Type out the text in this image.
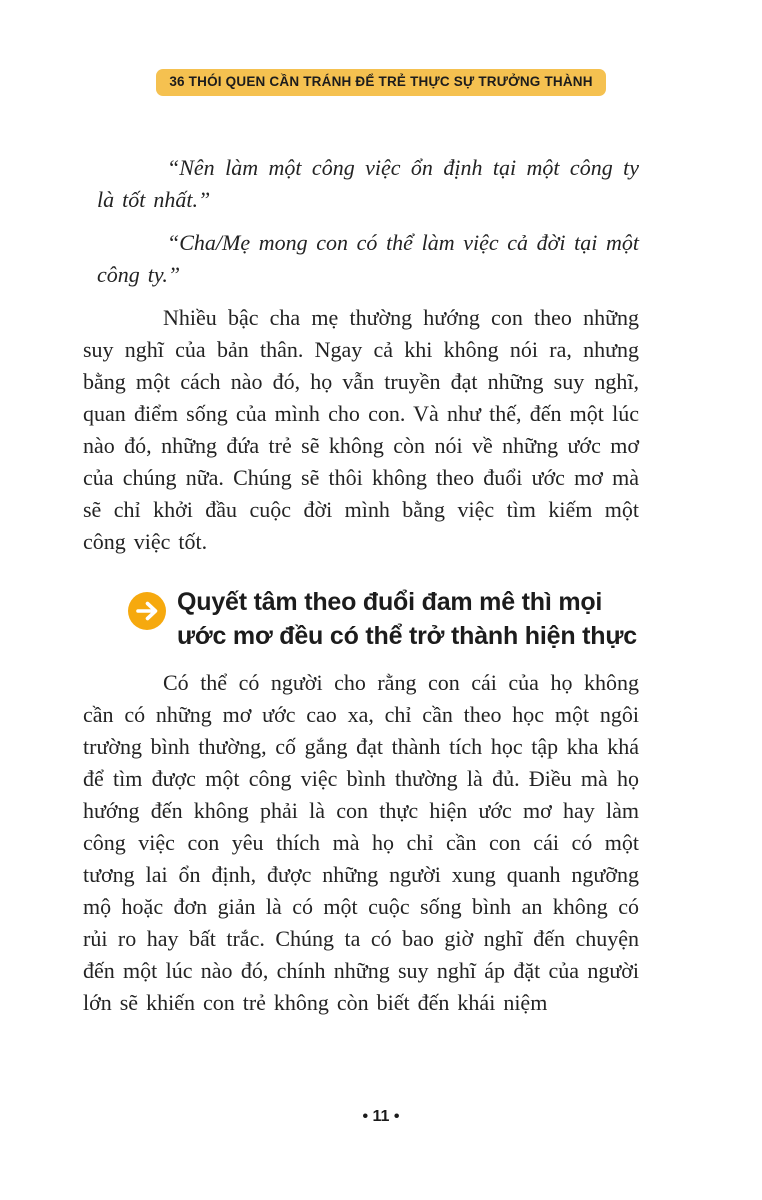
36 THÓI QUEN CẦN TRÁNH ĐỂ TRẺ THỰC SỰ TRƯỞNG THÀNH

“Nên làm một công việc ổn định tại một công ty là tốt nhất.”

“Cha/Mẹ mong con có thể làm việc cả đời tại một công ty.”

Nhiều bậc cha mẹ thường hướng con theo những suy nghĩ của bản thân. Ngay cả khi không nói ra, nhưng bằng một cách nào đó, họ vẫn truyền đạt những suy nghĩ, quan điểm sống của mình cho con. Và như thế, đến một lúc nào đó, những đứa trẻ sẽ không còn nói về những ước mơ của chúng nữa. Chúng sẽ thôi không theo đuổi ước mơ mà sẽ chỉ khởi đầu cuộc đời mình bằng việc tìm kiếm một công việc tốt.

Quyết tâm theo đuổi đam mê thì mọi
ước mơ đều có thể trở thành hiện thực

Có thể có người cho rằng con cái của họ không cần có những mơ ước cao xa, chỉ cần theo học một ngôi trường bình thường, cố gắng đạt thành tích học tập kha khá để tìm được một công việc bình thường là đủ. Điều mà họ hướng đến không phải là con thực hiện ước mơ hay làm công việc con yêu thích mà họ chỉ cần con cái có một tương lai ổn định, được những người xung quanh ngưỡng mộ hoặc đơn giản là có một cuộc sống bình an không có rủi ro hay bất trắc. Chúng ta có bao giờ nghĩ đến chuyện đến một lúc nào đó, chính những suy nghĩ áp đặt của người lớn sẽ khiến con trẻ không còn biết đến khái niệm

• 11 •
